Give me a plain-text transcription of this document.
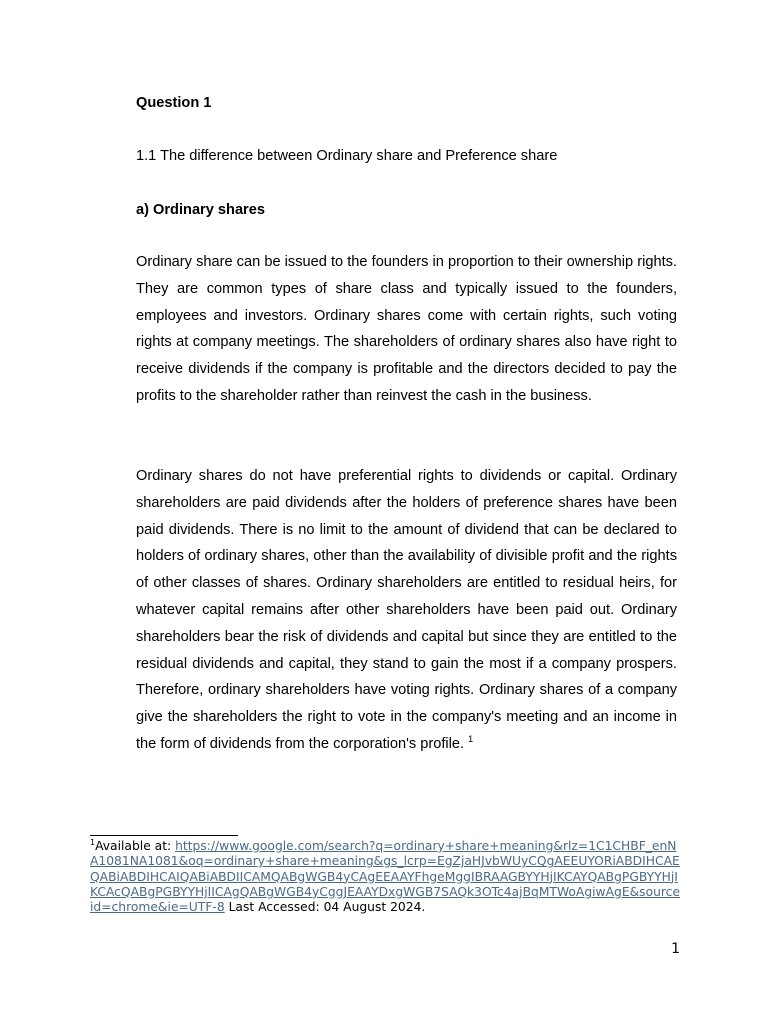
Question 1

1.1 The difference between Ordinary share and Preference share

a) Ordinary shares

Ordinary share can be issued to the founders in proportion to their ownership rights. They are common types of share class and typically issued to the founders, employees and investors. Ordinary shares come with certain rights, such voting rights at company meetings. The shareholders of ordinary shares also have right to receive dividends if the company is profitable and the directors decided to pay the profits to the shareholder rather than reinvest the cash in the business.

Ordinary shares do not have preferential rights to dividends or capital. Ordinary shareholders are paid dividends after the holders of preference shares have been paid dividends. There is no limit to the amount of dividend that can be declared to holders of ordinary shares, other than the availability of divisible profit and the rights of other classes of shares. Ordinary shareholders are entitled to residual heirs, for whatever capital remains after other shareholders have been paid out. Ordinary shareholders bear the risk of dividends and capital but since they are entitled to the residual dividends and capital, they stand to gain the most if a company prospers. Therefore, ordinary shareholders have voting rights. Ordinary shares of a company give the shareholders the right to vote in the company's meeting and an income in the form of dividends from the corporation's profile. $^1$

$^1$Available at: https://www.google.com/search?q=ordinary+share+meaning&rlz=1C1CHBF_enNA1081NA1081&oq=ordinary+share+meaning&gs_lcrp=EgZjaHJvbWUyCQgAEEUYORiABDIHCAEQABiABDIHCAIQABiABDIICAMQABgWGB4yCAgEEAAYFhgeMggIBRAAGBYYHjIKCAYQABgPGBYYHjIKCAcQABgPGBYYHjIICAgQABgWGB4yCggJEAAYDxgWGB7SAQk3OTc4ajBqMTWoAgiwAgE&sourceid=chrome&ie=UTF-8 Last Accessed: 04 August 2024.

1
